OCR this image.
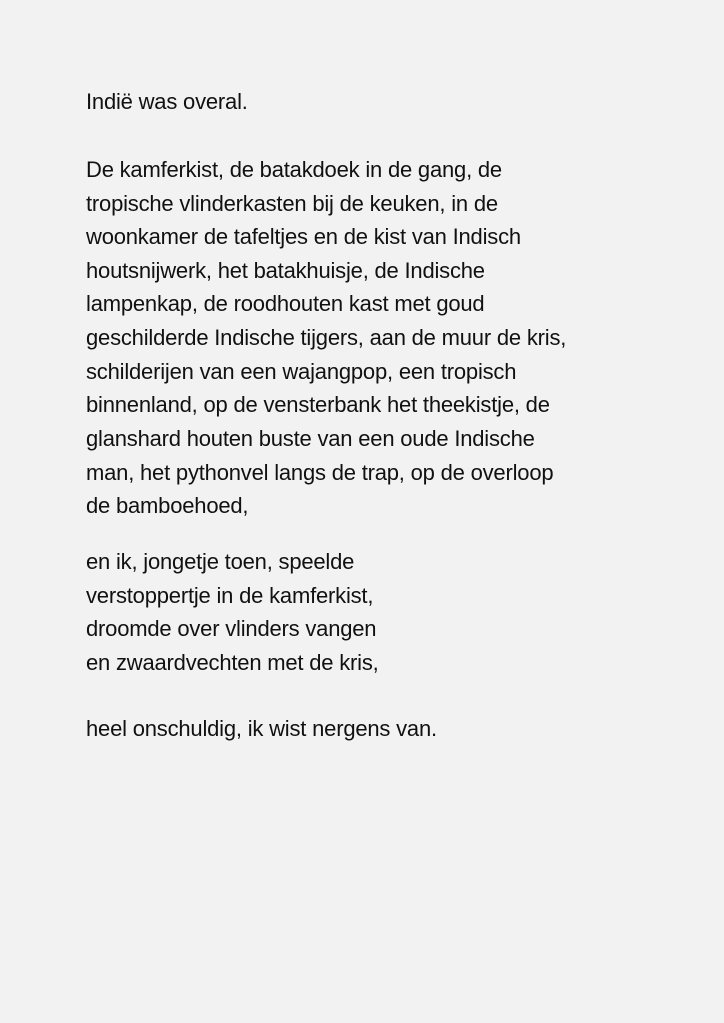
Indië was overal.
De kamferkist, de batakdoek in de gang, de
tropische vlinderkasten bij de keuken, in de
woonkamer de tafeltjes en de kist van Indisch
houtsnijwerk, het batakhuisje, de Indische
lampenkap, de roodhouten kast met goud
geschilderde Indische tijgers, aan de muur de kris,
schilderijen van een wajangpop, een tropisch
binnenland, op de vensterbank het theekistje, de
glanshard houten buste van een oude Indische
man, het pythonvel langs de trap, op de overloop
de bamboehoed,
en ik, jongetje toen, speelde
verstoppertje in de kamferkist,
droomde over vlinders vangen
en zwaardvechten met de kris,
heel onschuldig, ik wist nergens van.
